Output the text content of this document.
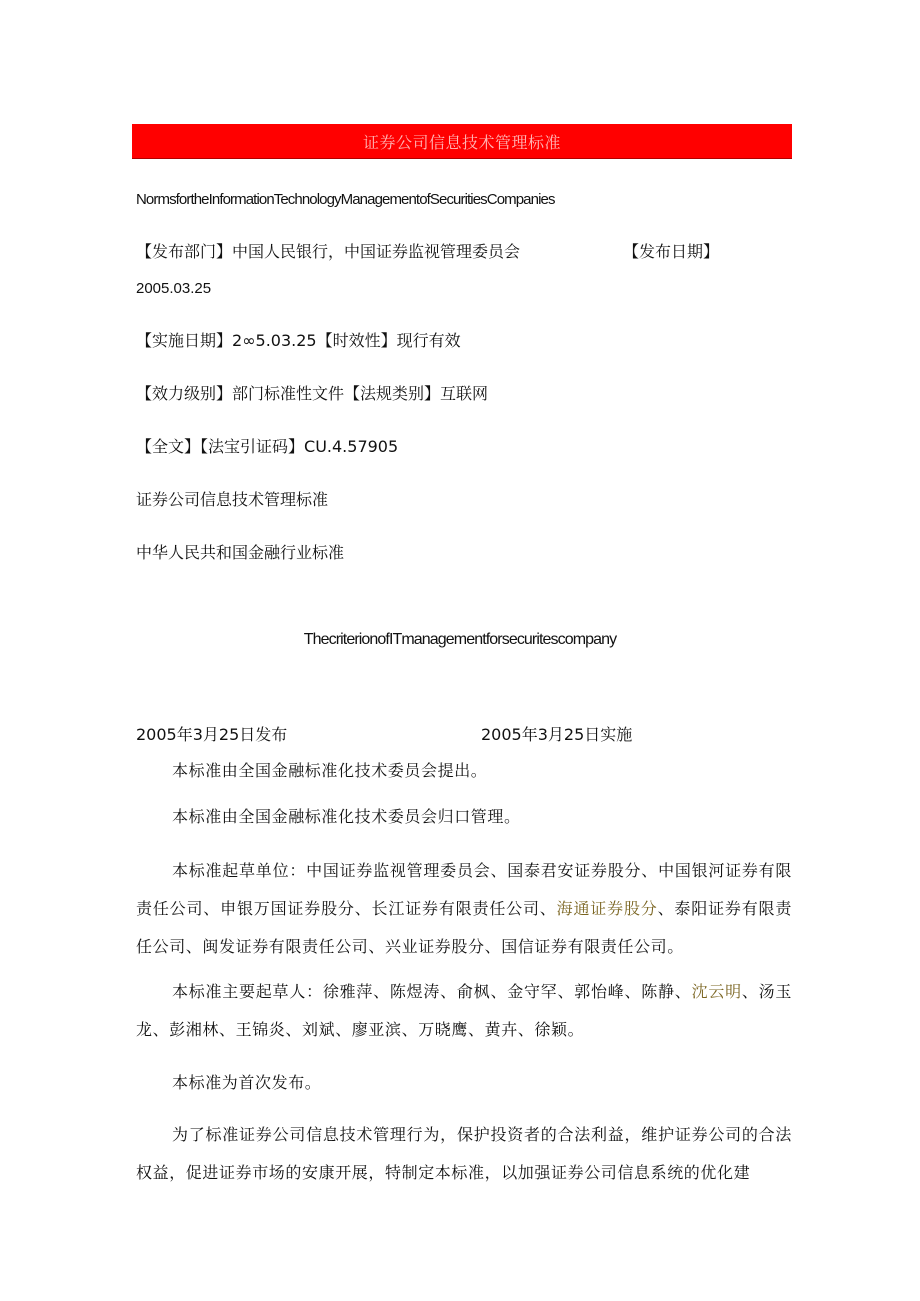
证券公司信息技术管理标准
NormsfortheInformationTechnologyManagementofSecuritiesCompanies
【发布部门】中国人民银行，中国证券监视管理委员会	【发布日期】
2005.03.25
【实施日期】2∞5.03.25【时效性】现行有效
【效力级别】部门标准性文件【法规类别】互联网
【全文】【法宝引证码】CU.4.57905
证券公司信息技术管理标准
中华人民共和国金融行业标准
ThecriterionofITmanagementforsecuritescompany
2005年3月25日发布	2005年3月25日实施
本标准由全国金融标准化技术委员会提出。
本标准由全国金融标准化技术委员会归口管理。
本标准起草单位：中国证券监视管理委员会、国泰君安证券股分、中国银河证券有限责任公司、申银万国证券股分、长江证券有限责任公司、海通证券股分、泰阳证券有限责任公司、闽发证券有限责任公司、兴业证券股分、国信证券有限责任公司。
本标准主要起草人：徐雅萍、陈煜涛、俞枫、金守罕、郭怡峰、陈静、沈云明、汤玉龙、彭湘林、王锦炎、刘斌、廖亚滨、万晓鹰、黄卉、徐颖。
本标准为首次发布。
为了标准证券公司信息技术管理行为，保护投资者的合法利益，维护证券公司的合法权益，促进证券市场的安康开展，特制定本标准，以加强证券公司信息系统的优化建
